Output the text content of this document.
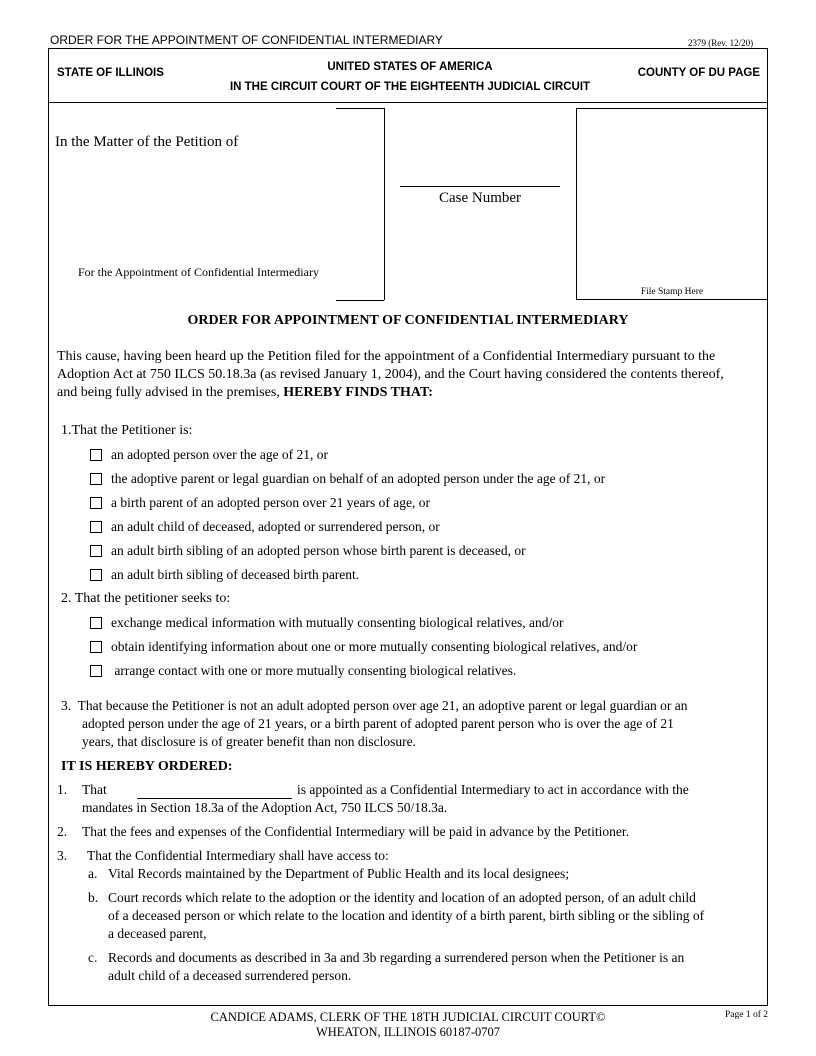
ORDER FOR THE APPOINTMENT OF CONFIDENTIAL INTERMEDIARY	2379 (Rev. 12/20)
STATE OF ILLINOIS	UNITED STATES OF AMERICA
IN THE CIRCUIT COURT OF THE EIGHTEENTH JUDICIAL CIRCUIT
COUNTY OF DU PAGE
In the Matter of the Petition of
For the Appointment of Confidential Intermediary
Case Number
File Stamp Here
ORDER FOR APPOINTMENT OF CONFIDENTIAL INTERMEDIARY
This cause, having been heard up the Petition filed for the appointment of a Confidential Intermediary pursuant to the
Adoption Act at 750 ILCS 50.18.3a (as revised January 1, 2004), and the Court having considered the contents thereof,
and being fully advised in the premises, HEREBY FINDS THAT:
1.That the Petitioner is:
an adopted person over the age of 21, or
the adoptive parent or legal guardian on behalf of an adopted person under the age of 21, or
a birth parent of an adopted person over 21 years of age, or
an adult child of deceased, adopted or surrendered person, or
an adult birth sibling of an adopted person whose birth parent is deceased, or
an adult birth sibling of deceased birth parent.
2. That the petitioner seeks to:
exchange medical information with mutually consenting biological relatives, and/or
obtain identifying information about one or more mutually consenting biological relatives, and/or
arrange contact with one or more mutually consenting biological relatives.
3.  That because the Petitioner is not an adult adopted person over age 21, an adoptive parent or legal guardian or an
adopted person under the age of 21 years, or a birth parent of adopted parent person who is over the age of 21
years, that disclosure is of greater benefit than non disclosure.
IT IS HEREBY ORDERED:
1. That	is appointed as a Confidential Intermediary to act in accordance with the
mandates in Section 18.3a of the Adoption Act, 750 ILCS 50/18.3a.
2. That the fees and expenses of the Confidential Intermediary will be paid in advance by the Petitioner.
3. That the Confidential Intermediary shall have access to:
a. Vital Records maintained by the Department of Public Health and its local designees;
b. Court records which relate to the adoption or the identity and location of an adopted person, of an adult child
of a deceased person or which relate to the location and identity of a birth parent, birth sibling or the sibling of
a deceased parent,
c. Records and documents as described in 3a and 3b regarding a surrendered person when the Petitioner is an
adult child of a deceased surrendered person.
CANDICE ADAMS, CLERK OF THE 18TH JUDICIAL CIRCUIT COURT©
WHEATON, ILLINOIS 60187-0707
Page 1 of 2
